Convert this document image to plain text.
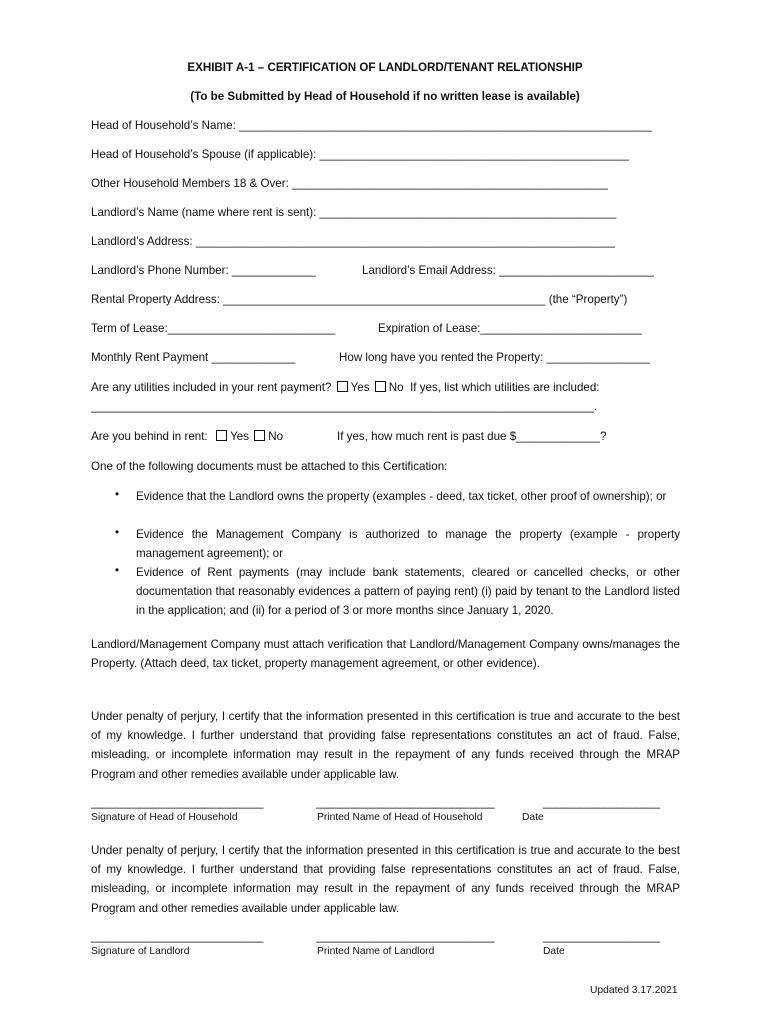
EXHIBIT A-1 – CERTIFICATION OF LANDLORD/TENANT RELATIONSHIP
(To be Submitted by Head of Household if no written lease is available)
Head of Household’s Name: ________________________________________________________________
Head of Household’s Spouse (if applicable): ________________________________________________
Other Household Members 18 & Over: _________________________________________________
Landlord’s Name (name where rent is sent): ______________________________________________
Landlord’s Address: _________________________________________________________________
Landlord’s Phone Number: _____________	Landlord’s Email Address: ________________________
Rental Property Address: __________________________________________________ (the “Property”)
Term of Lease:__________________________	Expiration of Lease:_________________________
Monthly Rent Payment _____________	How long have you rented the Property: ________________
Are any utilities included in your rent payment? Yes No If yes, list which utilities are included:
______________________________________________________________________________.
Are you behind in rent: Yes No	If yes, how much rent is past due $_____________?
One of the following documents must be attached to this Certification:
• Evidence that the Landlord owns the property (examples - deed, tax ticket, other proof of ownership); or
• Evidence the Management Company is authorized to manage the property (example - property management agreement); or
• Evidence of Rent payments (may include bank statements, cleared or cancelled checks, or other documentation that reasonably evidences a pattern of paying rent) (i) paid by tenant to the Landlord listed in the application; and (ii) for a period of 3 or more months since January 1, 2020.
Landlord/Management Company must attach verification that Landlord/Management Company owns/manages the Property. (Attach deed, tax ticket, property management agreement, or other evidence).
Under penalty of perjury, I certify that the information presented in this certification is true and accurate to the best of my knowledge. I further understand that providing false representations constitutes an act of fraud. False, misleading, or incomplete information may result in the repayment of any funds received through the MRAP Program and other remedies available under applicable law.
____________________________	_____________________________	___________________
Signature of Head of Household	Printed Name of Head of Household	Date
Under penalty of perjury, I certify that the information presented in this certification is true and accurate to the best of my knowledge. I further understand that providing false representations constitutes an act of fraud. False, misleading, or incomplete information may result in the repayment of any funds received through the MRAP Program and other remedies available under applicable law.
____________________________	_____________________________	___________________
Signature of Landlord	Printed Name of Landlord	Date
Updated 3.17.2021
